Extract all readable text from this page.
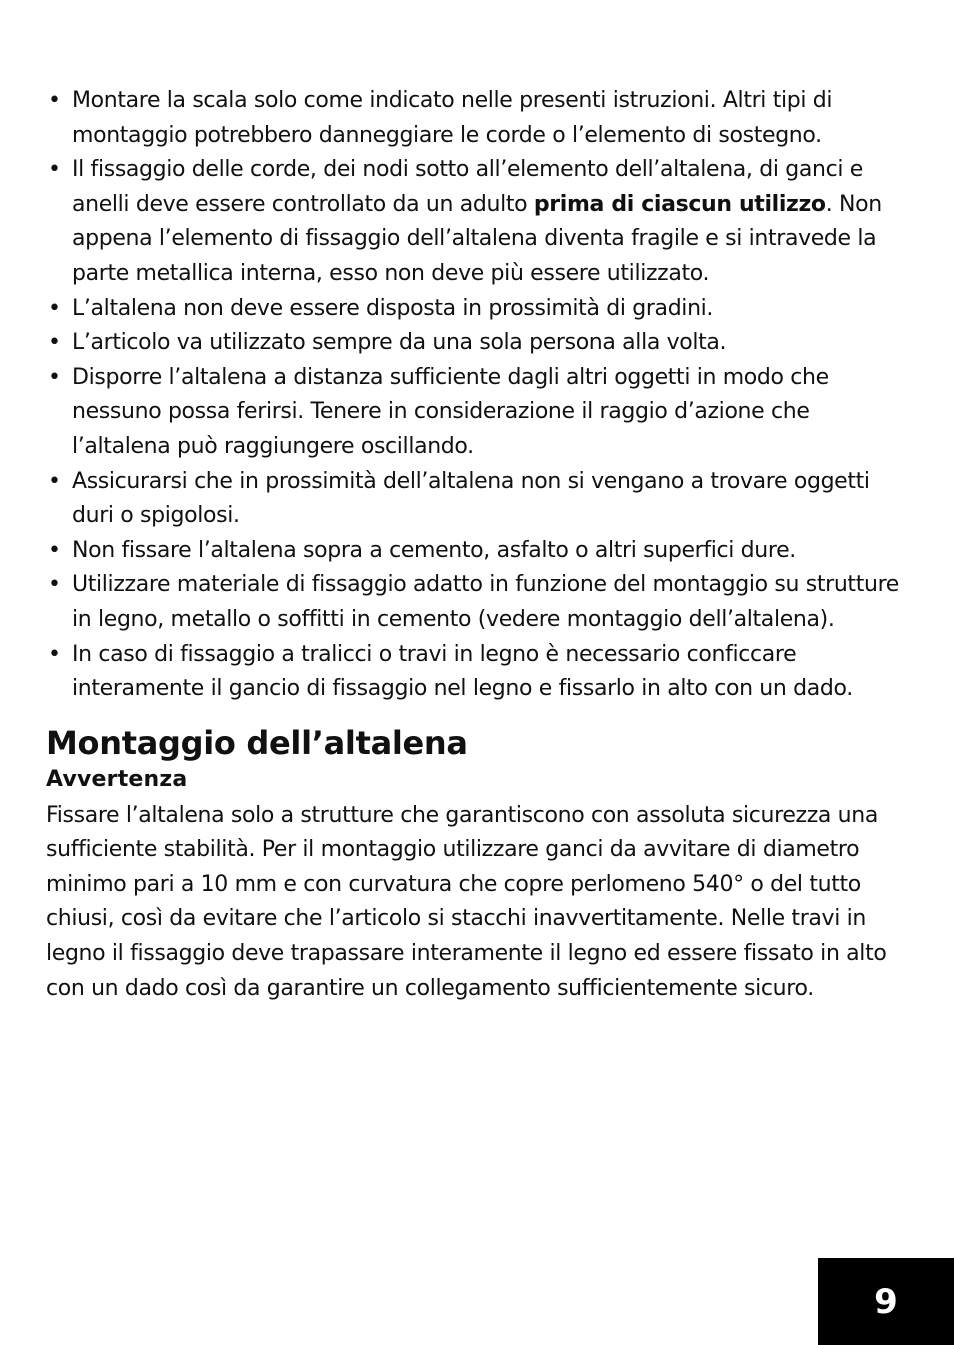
• Montare la scala solo come indicato nelle presenti istruzioni. Altri tipi di montaggio potrebbero danneggiare le corde o l’elemento di sostegno.
• Il fissaggio delle corde, dei nodi sotto all’elemento dell’altalena, di ganci e anelli deve essere controllato da un adulto prima di ciascun utilizzo. Non appena l’elemento di fissaggio dell’altalena diventa fragile e si intravede la parte metallica interna, esso non deve più essere utilizzato.
• L’altalena non deve essere disposta in prossimità di gradini.
• L’articolo va utilizzato sempre da una sola persona alla volta.
• Disporre l’altalena a distanza sufficiente dagli altri oggetti in modo che nessuno possa ferirsi. Tenere in considerazione il raggio d’azione che l’altalena può raggiungere oscillando.
• Assicurarsi che in prossimità dell’altalena non si vengano a trovare oggetti duri o spigolosi.
• Non fissare l’altalena sopra a cemento, asfalto o altri superfici dure.
• Utilizzare materiale di fissaggio adatto in funzione del montaggio su strutture in legno, metallo o soffitti in cemento (vedere montaggio dell’altalena).
• In caso di fissaggio a tralicci o travi in legno è necessario conficcare interamente il gancio di fissaggio nel legno e fissarlo in alto con un dado.
Montaggio dell’altalena
Avvertenza

Fissare l’altalena solo a strutture che garantiscono con assoluta sicurezza una sufficiente stabilità. Per il montaggio utilizzare ganci da avvitare di diametro minimo pari a 10 mm e con curvatura che copre perlomeno 540° o del tutto chiusi, così da evitare che l’articolo si stacchi inavvertitamente. Nelle travi in legno il fissaggio deve trapassare interamente il legno ed essere fissato in alto con un dado così da garantire un collegamento sufficientemente sicuro.

9
